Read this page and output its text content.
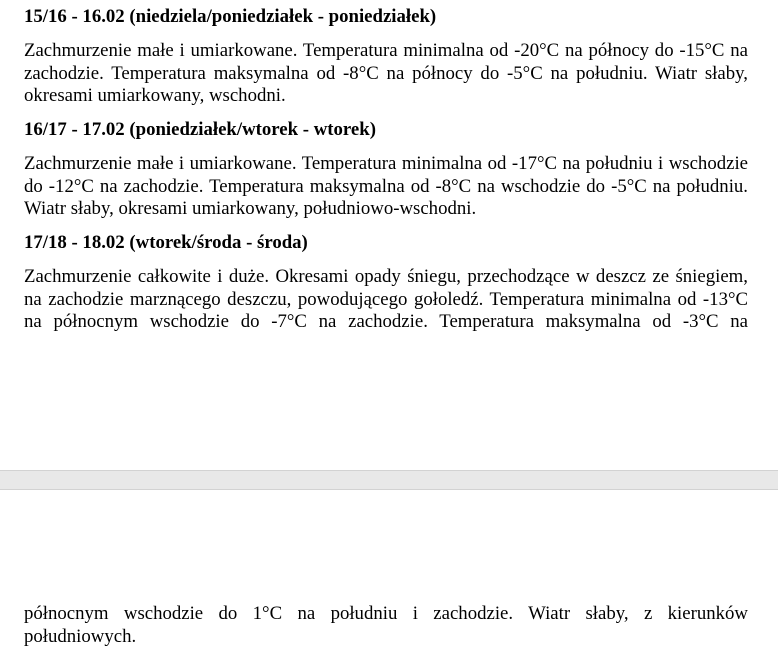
15/16 - 16.02 (niedziela/poniedziałek - poniedziałek)
Zachmurzenie małe i umiarkowane. Temperatura minimalna od -20°C na północy do -15°C na
zachodzie. Temperatura maksymalna od -8°C na północy do -5°C na południu. Wiatr słaby,
okresami umiarkowany, wschodni.
16/17 - 17.02 (poniedziałek/wtorek - wtorek)
Zachmurzenie małe i umiarkowane. Temperatura minimalna od -17°C na południu i wschodzie
do -12°C na zachodzie. Temperatura maksymalna od -8°C na wschodzie do -5°C na południu.
Wiatr słaby, okresami umiarkowany, południowo-wschodni.
17/18 - 18.02 (wtorek/środa - środa)
Zachmurzenie całkowite i duże. Okresami opady śniegu, przechodzące w deszcz ze śniegiem,
na zachodzie marznącego deszczu, powodującego gołoledź. Temperatura minimalna od -13°C
na północnym wschodzie do -7°C na zachodzie. Temperatura maksymalna od -3°C na
północnym wschodzie do 1°C na południu i zachodzie. Wiatr słaby, z kierunków
południowych.
